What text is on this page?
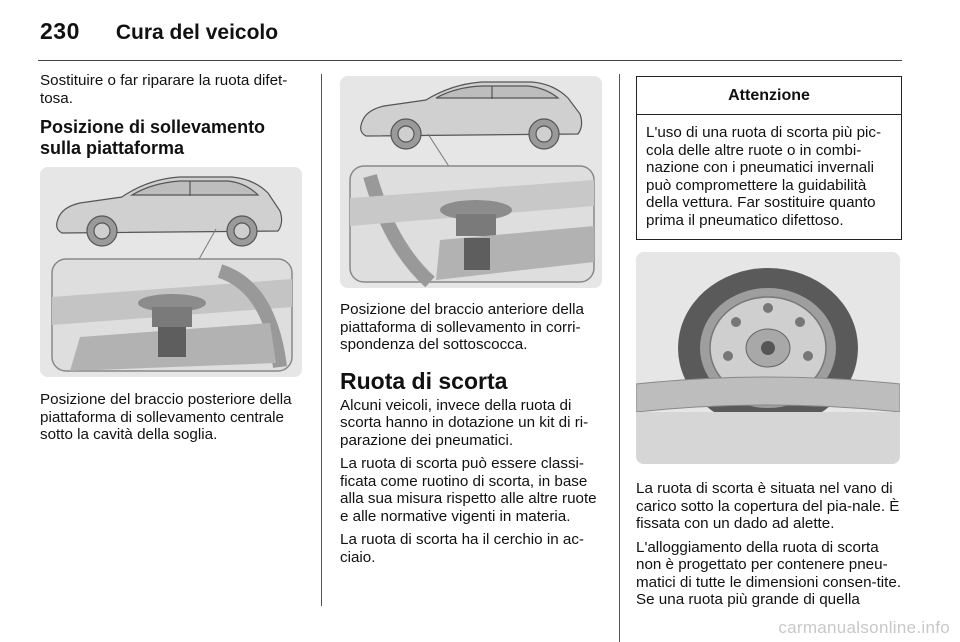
230 Cura del veicolo

Sostituire o far riparare la ruota difet-tosa.

Posizione di sollevamento sulla piattaforma

Posizione del braccio posteriore della piattaforma di sollevamento centrale sotto la cavità della soglia.

Posizione del braccio anteriore della piattaforma di sollevamento in corri-spondenza del sottoscocca.

Ruota di scorta

Alcuni veicoli, invece della ruota di scorta hanno in dotazione un kit di ri-parazione dei pneumatici.

La ruota di scorta può essere classi-ficata come ruotino di scorta, in base alla sua misura rispetto alle altre ruote e alle normative vigenti in materia.

La ruota di scorta ha il cerchio in ac-ciaio.

Attenzione
L'uso di una ruota di scorta più pic-cola delle altre ruote o in combi-nazione con i pneumatici invernali può compromettere la guidabilità della vettura. Far sostituire quanto prima il pneumatico difettoso.

La ruota di scorta è situata nel vano di carico sotto la copertura del pia-nale. È fissata con un dado ad alette.

L'alloggiamento della ruota di scorta non è progettato per contenere pneu-matici di tutte le dimensioni consen-tite. Se una ruota più grande di quella

carmanualsonline.info
